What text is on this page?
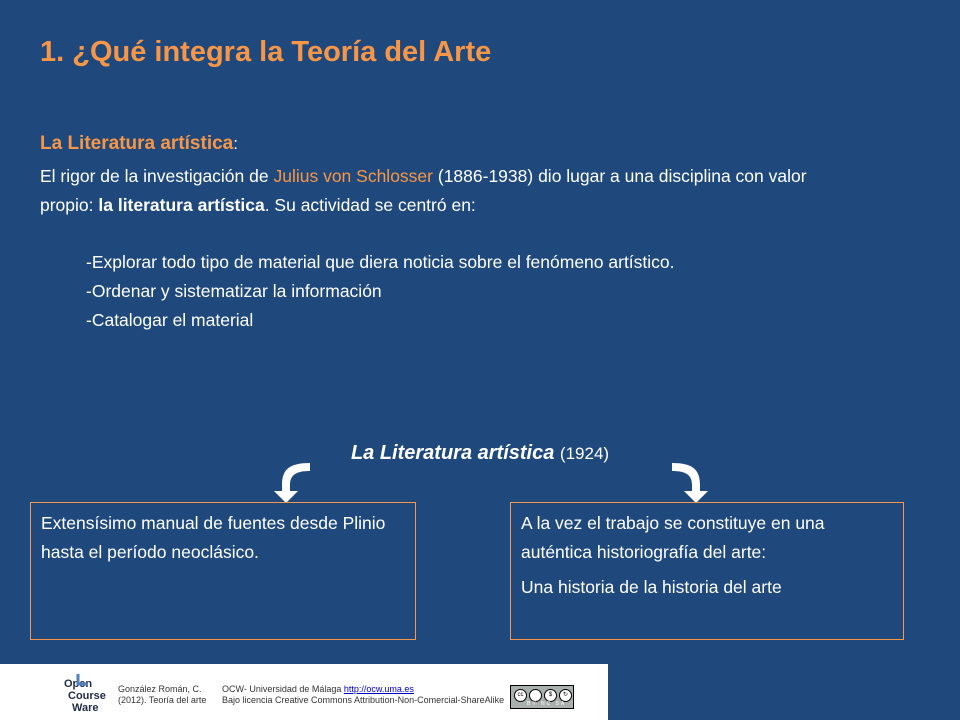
1. ¿Qué integra la Teoría del Arte
La Literatura artística:
El rigor de la investigación de Julius von Schlosser (1886-1938) dio lugar a una disciplina con valor propio: la literatura artística. Su actividad se centró en:
-Explorar todo tipo de material que diera noticia sobre el fenómeno artístico.
-Ordenar y sistematizar la información
-Catalogar el material
La Literatura artística (1924)
Extensísimo manual de fuentes desde Plinio hasta el período neoclásico.
A la vez el trabajo se constituye en una auténtica historiografía del arte:
Una historia de la historia del arte
Open
Course
Ware
González Román, C.
(2012). Teoría del arte
OCW- Universidad de Málaga http://ocw.uma.es
Bajo licencia Creative Commons Attribution-Non-Comercial-ShareAlike	cc	$	↻
BY NC SA
